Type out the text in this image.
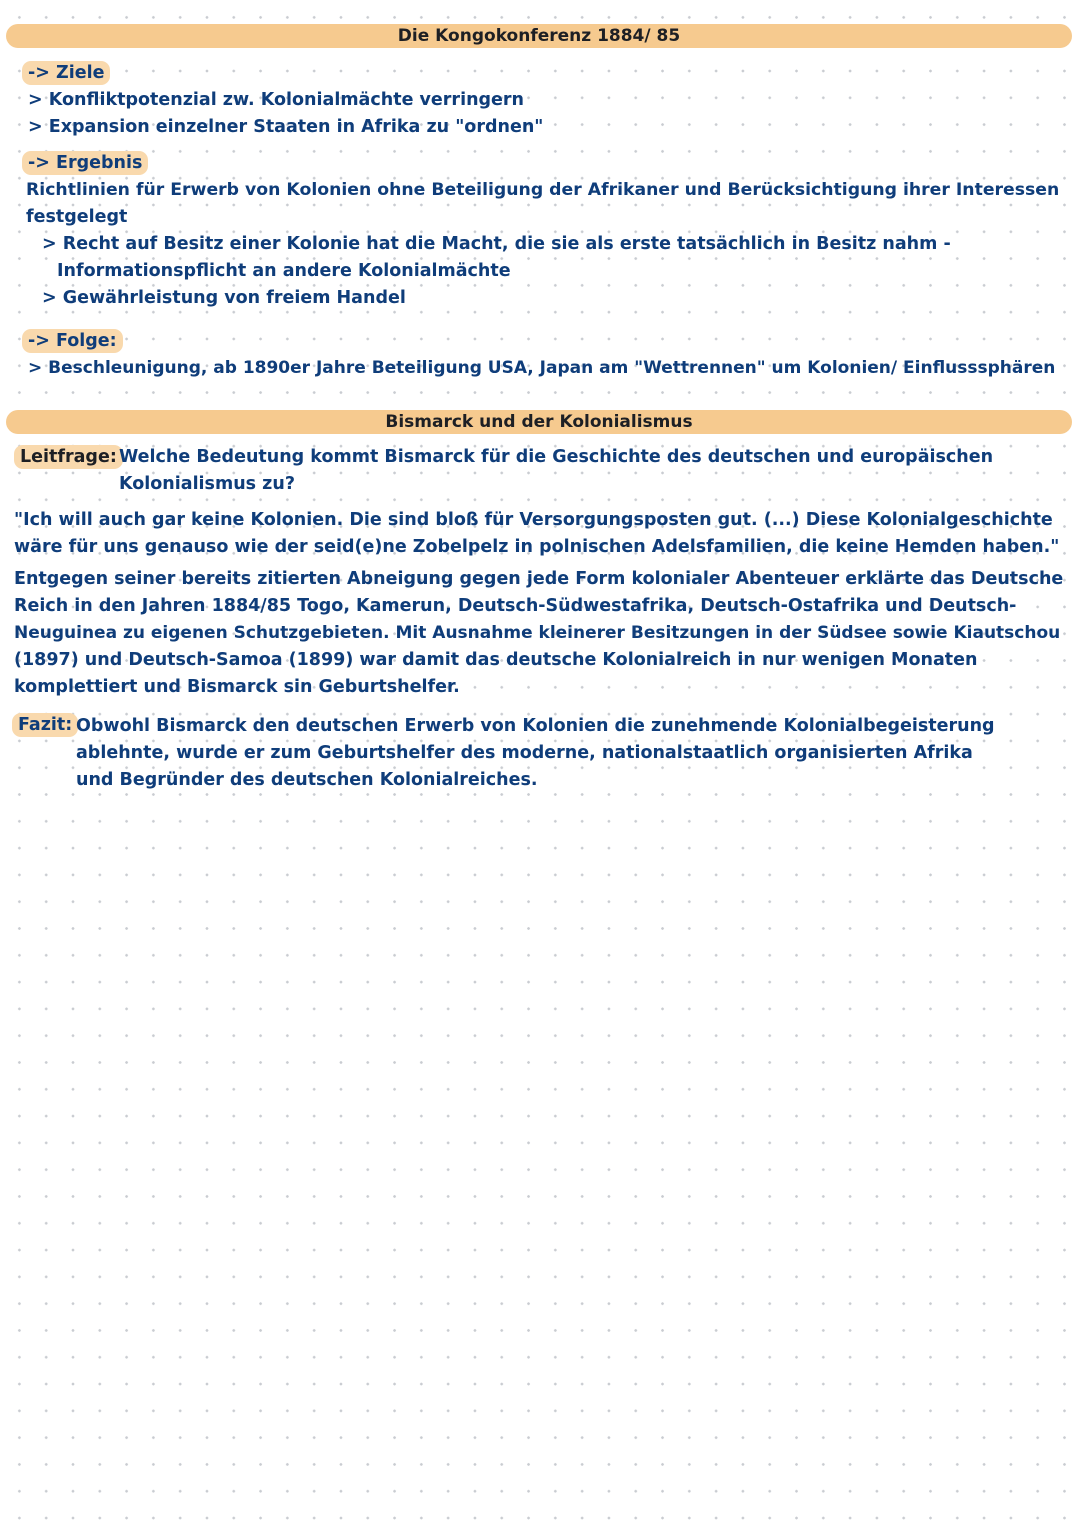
Die Kongokonferenz 1884/ 85
-> Ziele
> Konfliktpotenzial zw. Kolonialmächte verringern
> Expansion einzelner Staaten in Afrika zu "ordnen"
-> Ergebnis
Richtlinien für Erwerb von Kolonien ohne Beteiligung der Afrikaner und Berücksichtigung ihrer Interessen
festgelegt
> Recht auf Besitz einer Kolonie hat die Macht, die sie als erste tatsächlich in Besitz nahm -
Informationspflicht an andere Kolonialmächte
> Gewährleistung von freiem Handel
-> Folge:
> Beschleunigung, ab 1890er Jahre Beteiligung USA, Japan am "Wettrennen" um Kolonien/ Einflusssphären
Bismarck und der Kolonialismus
Leitfrage: Welche Bedeutung kommt Bismarck für die Geschichte des deutschen und europäischen
Kolonialismus zu?
"Ich will auch gar keine Kolonien. Die sind bloß für Versorgungsposten gut. (...) Diese Kolonialgeschichte
wäre für uns genauso wie der seid(e)ne Zobelpelz in polnischen Adelsfamilien, die keine Hemden haben."
Entgegen seiner bereits zitierten Abneigung gegen jede Form kolonialer Abenteuer erklärte das Deutsche
Reich in den Jahren 1884/85 Togo, Kamerun, Deutsch-Südwestafrika, Deutsch-Ostafrika und Deutsch-
Neuguinea zu eigenen Schutzgebieten. Mit Ausnahme kleinerer Besitzungen in der Südsee sowie Kiautschou
(1897) und Deutsch-Samoa (1899) war damit das deutsche Kolonialreich in nur wenigen Monaten
komplettiert und Bismarck sin Geburtshelfer.
Fazit: Obwohl Bismarck den deutschen Erwerb von Kolonien die zunehmende Kolonialbegeisterung
ablehnte, wurde er zum Geburtshelfer des moderne, nationalstaatlich organisierten Afrika
und Begründer des deutschen Kolonialreiches.
